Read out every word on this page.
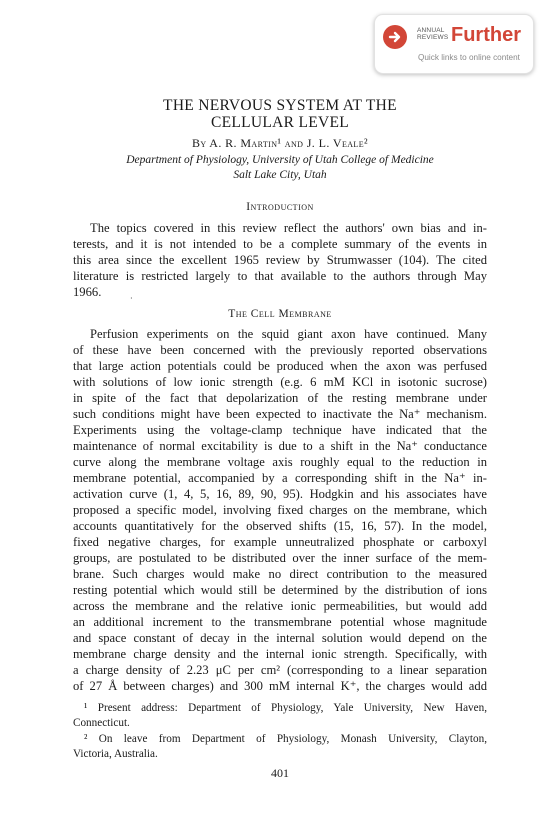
ANNUAL
REVIEWS Further
Quick links to online content
THE NERVOUS SYSTEM AT THE
CELLULAR LEVEL
By A. R. Martin¹ and J. L. Veale²
Department of Physiology, University of Utah College of Medicine
Salt Lake City, Utah
Introduction
The topics covered in this review reflect the authors' own bias and in-
terests, and it is not intended to be a complete summary of the events in
this area since the excellent 1965 review by Strumwasser (104). The cited
literature is restricted largely to that available to the authors through May
1966.	·
The Cell Membrane
Perfusion experiments on the squid giant axon have continued. Many
of these have been concerned with the previously reported observations
that large action potentials could be produced when the axon was perfused
with solutions of low ionic strength (e.g. 6 mM KCl in isotonic sucrose)
in spite of the fact that depolarization of the resting membrane under
such conditions might have been expected to inactivate the Na⁺ mechanism.
Experiments using the voltage-clamp technique have indicated that the
maintenance of normal excitability is due to a shift in the Na⁺ conductance
curve along the membrane voltage axis roughly equal to the reduction in
membrane potential, accompanied by a corresponding shift in the Na⁺ in-
activation curve (1, 4, 5, 16, 89, 90, 95). Hodgkin and his associates have
proposed a specific model, involving fixed charges on the membrane, which
accounts quantitatively for the observed shifts (15, 16, 57). In the model,
fixed negative charges, for example unneutralized phosphate or carboxyl
groups, are postulated to be distributed over the inner surface of the mem-
brane. Such charges would make no direct contribution to the measured
resting potential which would still be determined by the distribution of ions
across the membrane and the relative ionic permeabilities, but would add
an additional increment to the transmembrane potential whose magnitude
and space constant of decay in the internal solution would depend on the
membrane charge density and the internal ionic strength. Specifically, with
a charge density of 2.23 μC per cm² (corresponding to a linear separation
of 27 Å between charges) and 300 mM internal K⁺, the charges would add
¹ Present address: Department of Physiology, Yale University, New Haven,
Connecticut.
² On leave from Department of Physiology, Monash University, Clayton,
Victoria, Australia.
401
